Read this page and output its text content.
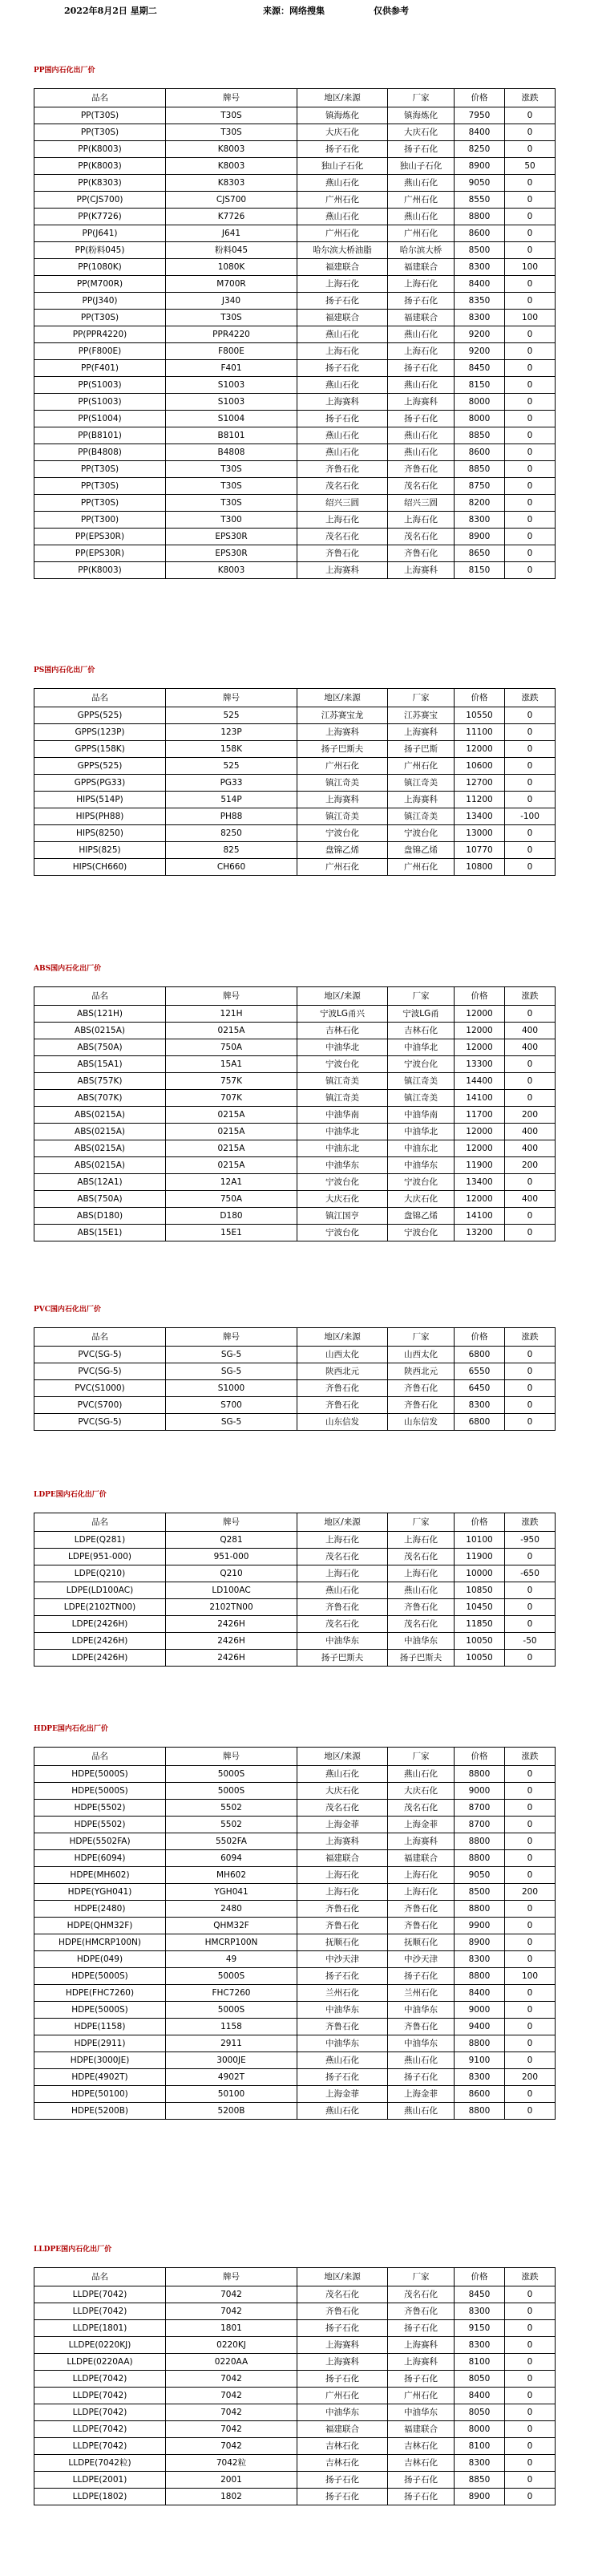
2022年8月2日 星期二	来源：网络搜集	仅供参考
PP国内石化出厂价
品名	牌号	地区/来源	厂家	价格	涨跌
PP(T30S)	T30S	镇海炼化	镇海炼化	7950	0
PP(T30S)	T30S	大庆石化	大庆石化	8400	0
PP(K8003)	K8003	扬子石化	扬子石化	8250	0
PP(K8003)	K8003	独山子石化	独山子石化	8900	50
PP(K8303)	K8303	燕山石化	燕山石化	9050	0
PP(CJS700)	CJS700	广州石化	广州石化	8550	0
PP(K7726)	K7726	燕山石化	燕山石化	8800	0
PP(J641)	J641	广州石化	广州石化	8600	0
PP(粉料045)	粉料045	哈尔滨大桥油脂	哈尔滨大桥	8500	0
PP(1080K)	1080K	福建联合	福建联合	8300	100
PP(M700R)	M700R	上海石化	上海石化	8400	0
PP(J340)	J340	扬子石化	扬子石化	8350	0
PP(T30S)	T30S	福建联合	福建联合	8300	100
PP(PPR4220)	PPR4220	燕山石化	燕山石化	9200	0
PP(F800E)	F800E	上海石化	上海石化	9200	0
PP(F401)	F401	扬子石化	扬子石化	8450	0
PP(S1003)	S1003	燕山石化	燕山石化	8150	0
PP(S1003)	S1003	上海赛科	上海赛科	8000	0
PP(S1004)	S1004	扬子石化	扬子石化	8000	0
PP(B8101)	B8101	燕山石化	燕山石化	8850	0
PP(B4808)	B4808	燕山石化	燕山石化	8600	0
PP(T30S)	T30S	齐鲁石化	齐鲁石化	8850	0
PP(T30S)	T30S	茂名石化	茂名石化	8750	0
PP(T30S)	T30S	绍兴三圆	绍兴三圆	8200	0
PP(T300)	T300	上海石化	上海石化	8300	0
PP(EPS30R)	EPS30R	茂名石化	茂名石化	8900	0
PP(EPS30R)	EPS30R	齐鲁石化	齐鲁石化	8650	0
PP(K8003)	K8003	上海赛科	上海赛科	8150	0
PS国内石化出厂价
品名	牌号	地区/来源	厂家	价格	涨跌
GPPS(525)	525	江苏赛宝龙	江苏赛宝	10550	0
GPPS(123P)	123P	上海赛科	上海赛科	11100	0
GPPS(158K)	158K	扬子巴斯夫	扬子巴斯	12000	0
GPPS(525)	525	广州石化	广州石化	10600	0
GPPS(PG33)	PG33	镇江奇美	镇江奇美	12700	0
HIPS(514P)	514P	上海赛科	上海赛科	11200	0
HIPS(PH88)	PH88	镇江奇美	镇江奇美	13400	-100
HIPS(8250)	8250	宁波台化	宁波台化	13000	0
HIPS(825)	825	盘锦乙烯	盘锦乙烯	10770	0
HIPS(CH660)	CH660	广州石化	广州石化	10800	0
ABS国内石化出厂价
品名	牌号	地区/来源	厂家	价格	涨跌
ABS(121H)	121H	宁波LG甬兴	宁波LG甬	12000	0
ABS(0215A)	0215A	吉林石化	吉林石化	12000	400
ABS(750A)	750A	中油华北	中油华北	12000	400
ABS(15A1)	15A1	宁波台化	宁波台化	13300	0
ABS(757K)	757K	镇江奇美	镇江奇美	14400	0
ABS(707K)	707K	镇江奇美	镇江奇美	14100	0
ABS(0215A)	0215A	中油华南	中油华南	11700	200
ABS(0215A)	0215A	中油华北	中油华北	12000	400
ABS(0215A)	0215A	中油东北	中油东北	12000	400
ABS(0215A)	0215A	中油华东	中油华东	11900	200
ABS(12A1)	12A1	宁波台化	宁波台化	13400	0
ABS(750A)	750A	大庆石化	大庆石化	12000	400
ABS(D180)	D180	镇江国亨	盘锦乙烯	14100	0
ABS(15E1)	15E1	宁波台化	宁波台化	13200	0
PVC国内石化出厂价
品名	牌号	地区/来源	厂家	价格	涨跌
PVC(SG-5)	SG-5	山西太化	山西太化	6800	0
PVC(SG-5)	SG-5	陕西北元	陕西北元	6550	0
PVC(S1000)	S1000	齐鲁石化	齐鲁石化	6450	0
PVC(S700)	S700	齐鲁石化	齐鲁石化	8300	0
PVC(SG-5)	SG-5	山东信发	山东信发	6800	0
LDPE国内石化出厂价
品名	牌号	地区/来源	厂家	价格	涨跌
LDPE(Q281)	Q281	上海石化	上海石化	10100	-950
LDPE(951-000)	951-000	茂名石化	茂名石化	11900	0
LDPE(Q210)	Q210	上海石化	上海石化	10000	-650
LDPE(LD100AC)	LD100AC	燕山石化	燕山石化	10850	0
LDPE(2102TN00)	2102TN00	齐鲁石化	齐鲁石化	10450	0
LDPE(2426H)	2426H	茂名石化	茂名石化	11850	0
LDPE(2426H)	2426H	中油华东	中油华东	10050	-50
LDPE(2426H)	2426H	扬子巴斯夫	扬子巴斯夫	10050	0
HDPE国内石化出厂价
品名	牌号	地区/来源	厂家	价格	涨跌
HDPE(5000S)	5000S	燕山石化	燕山石化	8800	0
HDPE(5000S)	5000S	大庆石化	大庆石化	9000	0
HDPE(5502)	5502	茂名石化	茂名石化	8700	0
HDPE(5502)	5502	上海金菲	上海金菲	8700	0
HDPE(5502FA)	5502FA	上海赛科	上海赛科	8800	0
HDPE(6094)	6094	福建联合	福建联合	8800	0
HDPE(MH602)	MH602	上海石化	上海石化	9050	0
HDPE(YGH041)	YGH041	上海石化	上海石化	8500	200
HDPE(2480)	2480	齐鲁石化	齐鲁石化	8800	0
HDPE(QHM32F)	QHM32F	齐鲁石化	齐鲁石化	9900	0
HDPE(HMCRP100N)	HMCRP100N	抚顺石化	抚顺石化	8900	0
HDPE(049)	49	中沙天津	中沙天津	8300	0
HDPE(5000S)	5000S	扬子石化	扬子石化	8800	100
HDPE(FHC7260)	FHC7260	兰州石化	兰州石化	8400	0
HDPE(5000S)	5000S	中油华东	中油华东	9000	0
HDPE(1158)	1158	齐鲁石化	齐鲁石化	9400	0
HDPE(2911)	2911	中油华东	中油华东	8800	0
HDPE(3000JE)	3000JE	燕山石化	燕山石化	9100	0
HDPE(4902T)	4902T	扬子石化	扬子石化	8300	200
HDPE(50100)	50100	上海金菲	上海金菲	8600	0
HDPE(5200B)	5200B	燕山石化	燕山石化	8800	0
LLDPE国内石化出厂价
品名	牌号	地区/来源	厂家	价格	涨跌
LLDPE(7042)	7042	茂名石化	茂名石化	8450	0
LLDPE(7042)	7042	齐鲁石化	齐鲁石化	8300	0
LLDPE(1801)	1801	扬子石化	扬子石化	9150	0
LLDPE(0220KJ)	0220KJ	上海赛科	上海赛科	8300	0
LLDPE(0220AA)	0220AA	上海赛科	上海赛科	8100	0
LLDPE(7042)	7042	扬子石化	扬子石化	8050	0
LLDPE(7042)	7042	广州石化	广州石化	8400	0
LLDPE(7042)	7042	中油华东	中油华东	8050	0
LLDPE(7042)	7042	福建联合	福建联合	8000	0
LLDPE(7042)	7042	吉林石化	吉林石化	8100	0
LLDPE(7042粒)	7042粒	吉林石化	吉林石化	8300	0
LLDPE(2001)	2001	扬子石化	扬子石化	8850	0
LLDPE(1802)	1802	扬子石化	扬子石化	8900	0
